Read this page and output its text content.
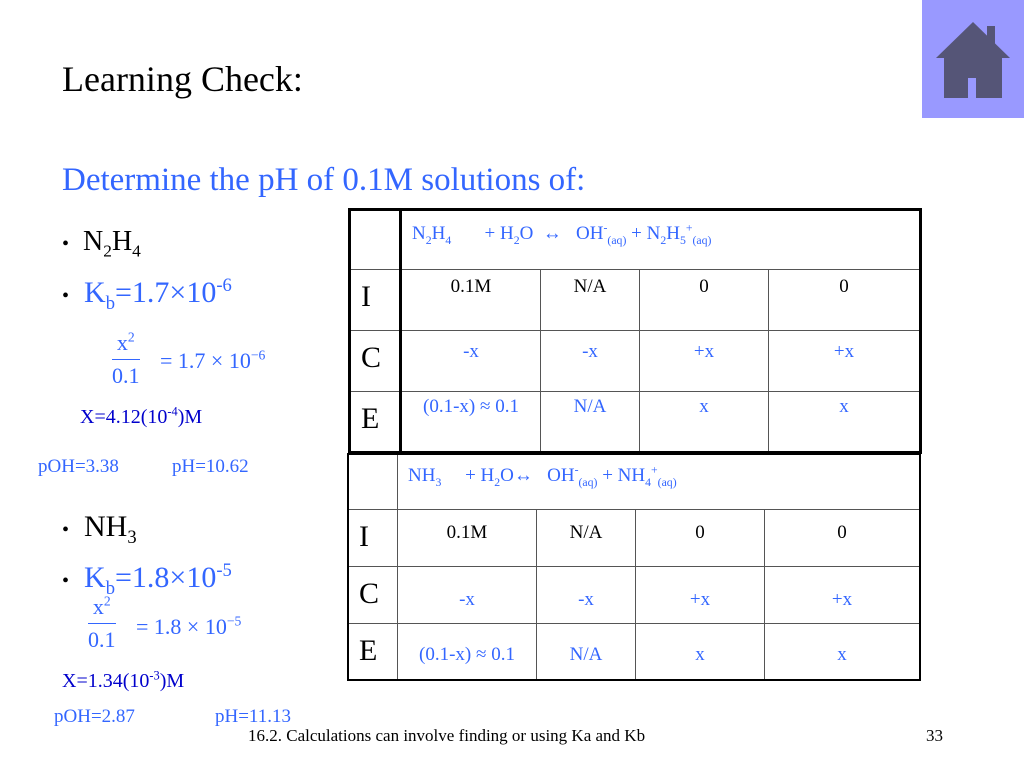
Learning Check:
Determine the pH of 0.1M solutions of:
•  $N_2H_4$
•  $K_b=1.7\times 10^{-6}$
$x^2$
0.1
= $1.7 \times 10^{-6}$
$X=4.12(10^{-4})M$
pOH=3.38	pH=10.62
•  $NH_3$
•  $K_b=1.8\times 10^{-5}$
$x^2$
0.1
= $1.8 \times 10^{-5}$
$X=1.34(10^{-3})M$
pOH=2.87	pH=11.13
	$N_2H_4$       + $H_2O$  ↔   $OH^-_{(aq)} + N_2H_5^+_{(aq)}$
I	0.1M	N/A	0	0
C	-x	-x	+x	+x
E	(0.1-x) ≈ 0.1	N/A	x	x
	$NH_3$     + $H_2O\leftrightarrow$   $OH^-_{(aq)} + NH_4^+_{(aq)}$
I	0.1M	N/A	0	0
C	-x	-x	+x	+x
E	(0.1-x) ≈ 0.1	N/A	x	x
16.2. Calculations can involve finding or using Ka and Kb	33
